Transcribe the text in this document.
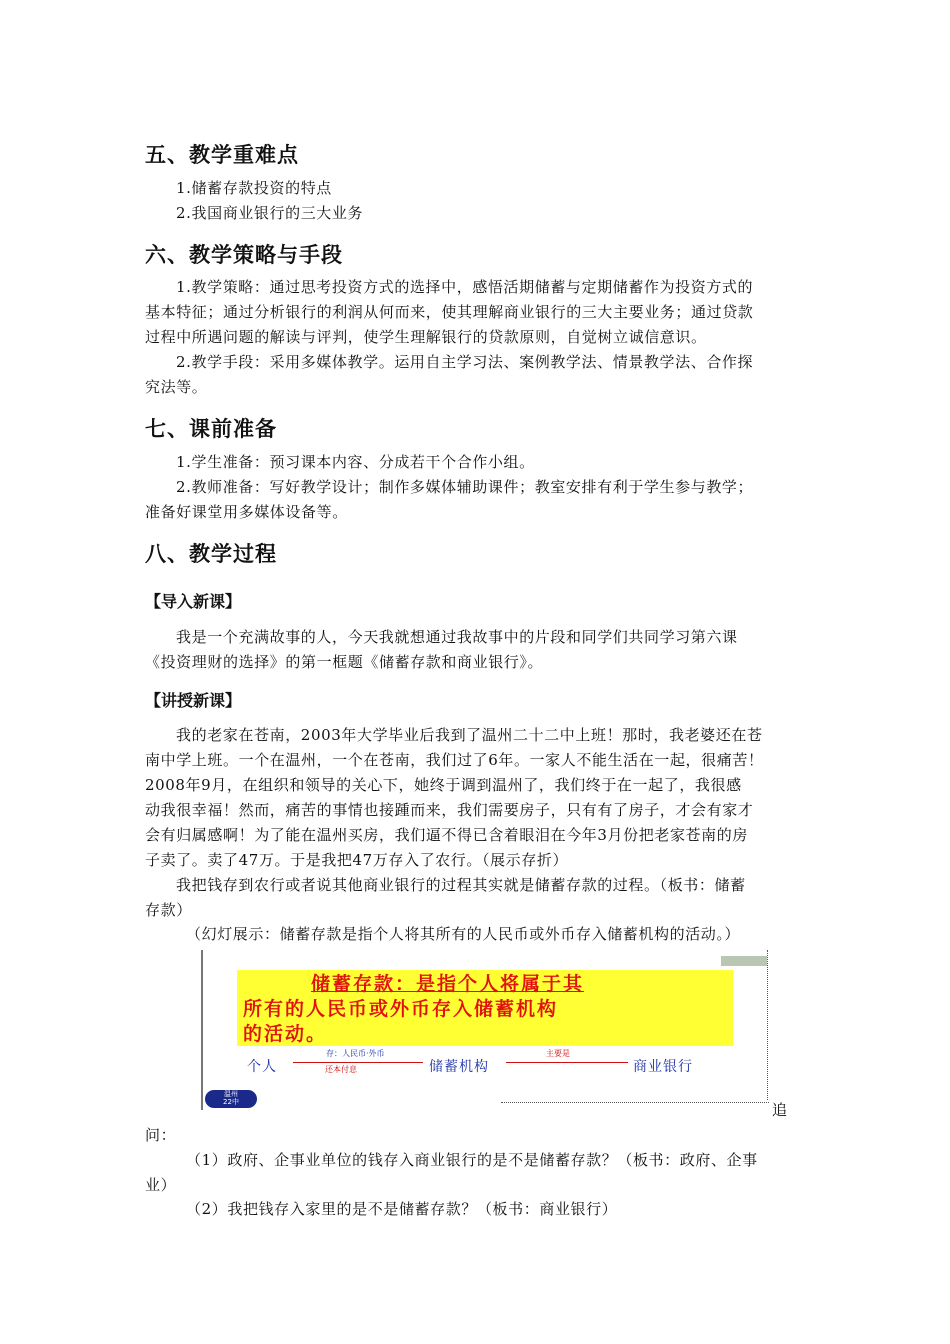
五、教学重难点
1.储蓄存款投资的特点
2.我国商业银行的三大业务
六、教学策略与手段
1.教学策略：通过思考投资方式的选择中，感悟活期储蓄与定期储蓄作为投资方式的
基本特征；通过分析银行的利润从何而来，使其理解商业银行的三大主要业务；通过贷款
过程中所遇问题的解读与评判，使学生理解银行的贷款原则，自觉树立诚信意识。
2.教学手段：采用多媒体教学。运用自主学习法、案例教学法、情景教学法、合作探
究法等。
七、课前准备
1.学生准备：预习课本内容、分成若干个合作小组。
2.教师准备：写好教学设计；制作多媒体辅助课件；教室安排有利于学生参与教学；
准备好课堂用多媒体设备等。
八、教学过程
【导入新课】
我是一个充满故事的人，今天我就想通过我故事中的片段和同学们共同学习第六课
《投资理财的选择》的第一框题《储蓄存款和商业银行》。
【讲授新课】
我的老家在苍南，2003年大学毕业后我到了温州二十二中上班！那时，我老婆还在苍
南中学上班。一个在温州，一个在苍南，我们过了6年。一家人不能生活在一起，很痛苦！
2008年9月，在组织和领导的关心下，她终于调到温州了，我们终于在一起了，我很感
动我很幸福！然而，痛苦的事情也接踵而来，我们需要房子，只有有了房子，才会有家才
会有归属感啊！为了能在温州买房，我们逼不得已含着眼泪在今年3月份把老家苍南的房
子卖了。卖了47万。于是我把47万存入了农行。（展示存折）
我把钱存到农行或者说其他商业银行的过程其实就是储蓄存款的过程。（板书：储蓄
存款）
（幻灯展示：储蓄存款是指个人将其所有的人民币或外币存入储蓄机构的活动。）
储蓄存款：是指个人将属于其
所有的人民币或外币存入储蓄机构
的活动。
个人
存：人民币·外币
还本付息	储蓄机构
主要是
商业银行
温州
22中	追
问：
（1）政府、企事业单位的钱存入商业银行的是不是储蓄存款？（板书：政府、企事
业）
（2）我把钱存入家里的是不是储蓄存款？（板书：商业银行）
